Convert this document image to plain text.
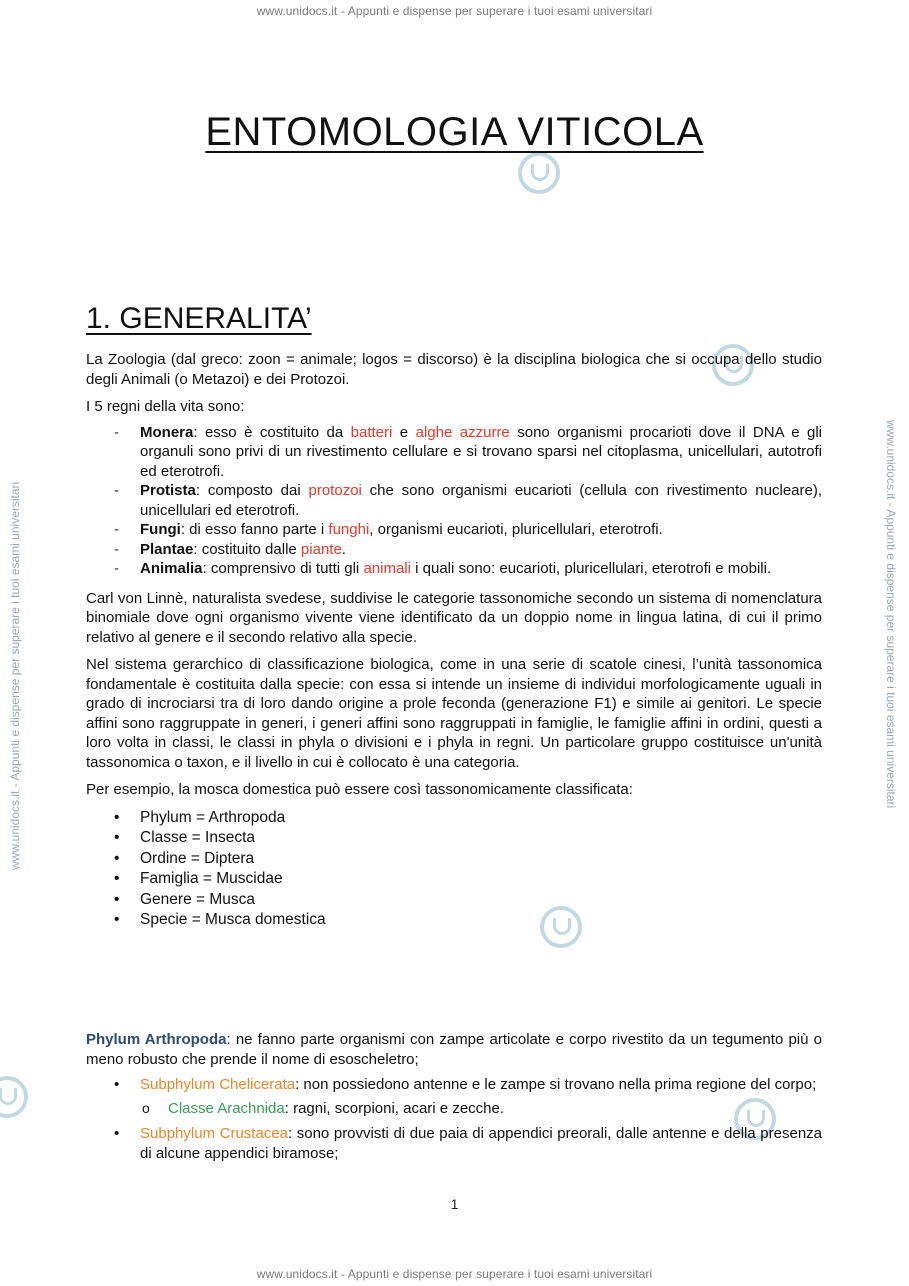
www.unidocs.it - Appunti e dispense per superare i tuoi esami universitari
www.unidocs.it - Appunti e dispense per superare i tuoi esami universitari	www.unidocs.it - Appunti e dispense per superare i tuoi esami universitari
ENTOMOLOGIA VITICOLA
1. GENERALITA’

La Zoologia (dal greco: zoon = animale; logos = discorso) è la disciplina biologica che si occupa dello studio degli Animali (o Metazoi) e dei Protozoi.

I 5 regni della vita sono:

- Monera: esso è costituito da batteri e alghe azzurre sono organismi procarioti dove il DNA e gli organuli sono privi di un rivestimento cellulare e si trovano sparsi nel citoplasma, unicellulari, autotrofi ed eterotrofi.
- Protista: composto dai protozoi che sono organismi eucarioti (cellula con rivestimento nucleare), unicellulari ed eterotrofi.
- Fungi: di esso fanno parte i funghi, organismi eucarioti, pluricellulari, eterotrofi.
- Plantae: costituito dalle piante.
- Animalia: comprensivo di tutti gli animali i quali sono: eucarioti, pluricellulari, eterotrofi e mobili.

Carl von Linnè, naturalista svedese, suddivise le categorie tassonomiche secondo un sistema di nomenclatura binomiale dove ogni organismo vivente viene identificato da un doppio nome in lingua latina, di cui il primo relativo al genere e il secondo relativo alla specie.

Nel sistema gerarchico di classificazione biologica, come in una serie di scatole cinesi, l’unità tassonomica fondamentale è costituita dalla specie: con essa si intende un insieme di individui morfologicamente uguali in grado di incrociarsi tra di loro dando origine a prole feconda (generazione F1) e simile ai genitori. Le specie affini sono raggruppate in generi, i generi affini sono raggruppati in famiglie, le famiglie affini in ordini, questi a loro volta in classi, le classi in phyla o divisioni e i phyla in regni. Un particolare gruppo costituisce un'unità tassonomica o taxon, e il livello in cui è collocato è una categoria.

Per esempio, la mosca domestica può essere così tassonomicamente classificata:

• Phylum = Arthropoda
• Classe = Insecta
• Ordine = Diptera
• Famiglia = Muscidae
• Genere = Musca
• Specie = Musca domestica

Phylum Arthropoda: ne fanno parte organismi con zampe articolate e corpo rivestito da un tegumento più o meno robusto che prende il nome di esoscheletro;

• Subphylum Chelicerata: non possiedono antenne e le zampe si trovano nella prima regione del corpo;
o Classe Arachnida: ragni, scorpioni, acari e zecche.
• Subphylum Crustacea: sono provvisti di due paia di appendici preorali, dalle antenne e della presenza di alcune appendici biramose;
1
www.unidocs.it - Appunti e dispense per superare i tuoi esami universitari
